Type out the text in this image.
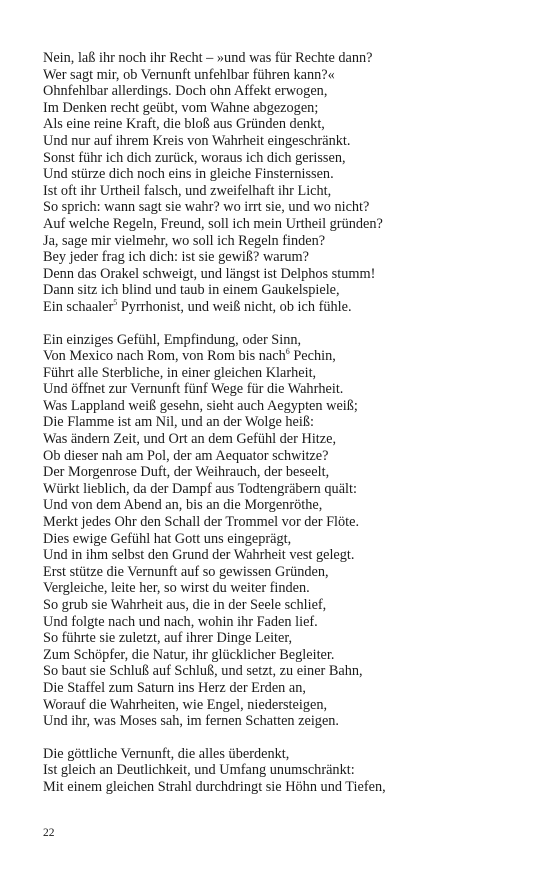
Nein, laß ihr noch ihr Recht – »und was für Rechte dann?
Wer sagt mir, ob Vernunft unfehlbar führen kann?«
Ohnfehlbar allerdings. Doch ohn Affekt erwogen,
Im Denken recht geübt, vom Wahne abgezogen;
Als eine reine Kraft, die bloß aus Gründen denkt,
Und nur auf ihrem Kreis von Wahrheit eingeschränkt.
Sonst führ ich dich zurück, woraus ich dich gerissen,
Und stürze dich noch eins in gleiche Finsternissen.
Ist oft ihr Urtheil falsch, und zweifelhaft ihr Licht,
So sprich: wann sagt sie wahr? wo irrt sie, und wo nicht?
Auf welche Regeln, Freund, soll ich mein Urtheil gründen?
Ja, sage mir vielmehr, wo soll ich Regeln finden?
Bey jeder frag ich dich: ist sie gewiß? warum?
Denn das Orakel schweigt, und längst ist Delphos stumm!
Dann sitz ich blind und taub in einem Gaukelspiele,
Ein schaaler$^5$ Pyrrhonist, und weiß nicht, ob ich fühle.
Ein einziges Gefühl, Empfindung, oder Sinn,
Von Mexico nach Rom, von Rom bis nach$^6$ Pechin,
Führt alle Sterbliche, in einer gleichen Klarheit,
Und öffnet zur Vernunft fünf Wege für die Wahrheit.
Was Lappland weiß gesehn, sieht auch Aegypten weiß;
Die Flamme ist am Nil, und an der Wolge heiß:
Was ändern Zeit, und Ort an dem Gefühl der Hitze,
Ob dieser nah am Pol, der am Aequator schwitze?
Der Morgenrose Duft, der Weihrauch, der beseelt,
Würkt lieblich, da der Dampf aus Todtengräbern quält:
Und von dem Abend an, bis an die Morgenröthe,
Merkt jedes Ohr den Schall der Trommel vor der Flöte.
Dies ewige Gefühl hat Gott uns eingeprägt,
Und in ihm selbst den Grund der Wahrheit vest gelegt.
Erst stütze die Vernunft auf so gewissen Gründen,
Vergleiche, leite her, so wirst du weiter finden.
So grub sie Wahrheit aus, die in der Seele schlief,
Und folgte nach und nach, wohin ihr Faden lief.
So führte sie zuletzt, auf ihrer Dinge Leiter,
Zum Schöpfer, die Natur, ihr glücklicher Begleiter.
So baut sie Schluß auf Schluß, und setzt, zu einer Bahn,
Die Staffel zum Saturn ins Herz der Erden an,
Worauf die Wahrheiten, wie Engel, niedersteigen,
Und ihr, was Moses sah, im fernen Schatten zeigen.
Die göttliche Vernunft, die alles überdenkt,
Ist gleich an Deutlichkeit, und Umfang unumschränkt:
Mit einem gleichen Strahl durchdringt sie Höhn und Tiefen,
22
